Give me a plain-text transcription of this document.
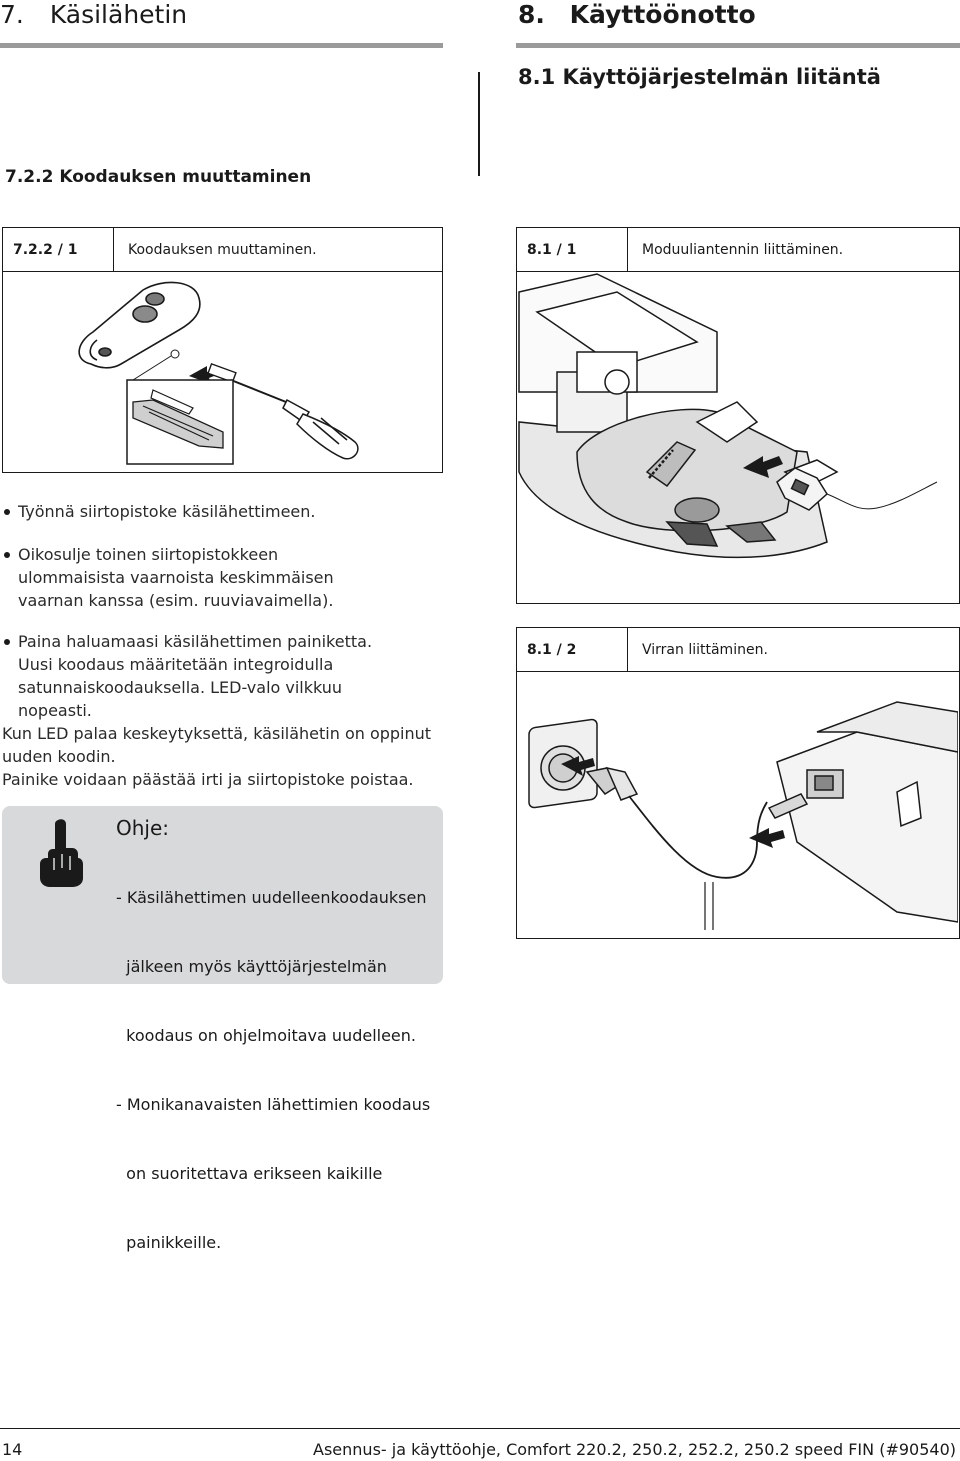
7. Käsilähetin	8. Käyttöönotto
8.1 Käyttöjärjestelmän liitäntä
7.2.2 Koodauksen muuttaminen
7.2.2 / 1	Koodauksen muuttaminen.	8.1 / 1	Moduuliantennin liittäminen.
Työnnä siirtopistoke käsilähettimeen.
Oikosulje toinen siirtopistokkeen ulommaisista vaarnoista keskimmäisen vaarnan kanssa (esim. ruuviavaimella).
Paina haluamaasi käsilähettimen painiketta. Uusi koodaus määritetään integroidulla satunnaiskoodauksella. LED-valo vilkkuu nopeasti.
Kun LED palaa keskeytyksettä, käsilähetin on oppinut
uuden koodin.
Painike voidaan päästää irti ja siirtopistoke poistaa.
Ohje:

- Käsilähettimen uudelleenkoodauksen

jälkeen myös käyttöjärjestelmän

koodaus on ohjelmoitava uudelleen.

- Monikanavaisten lähettimien koodaus

on suoritettava erikseen kaikille

painikkeille.

8.1 / 2	Virran liittäminen.
14	Asennus- ja käyttöohje, Comfort 220.2, 250.2, 252.2, 250.2 speed FIN (#90540)
